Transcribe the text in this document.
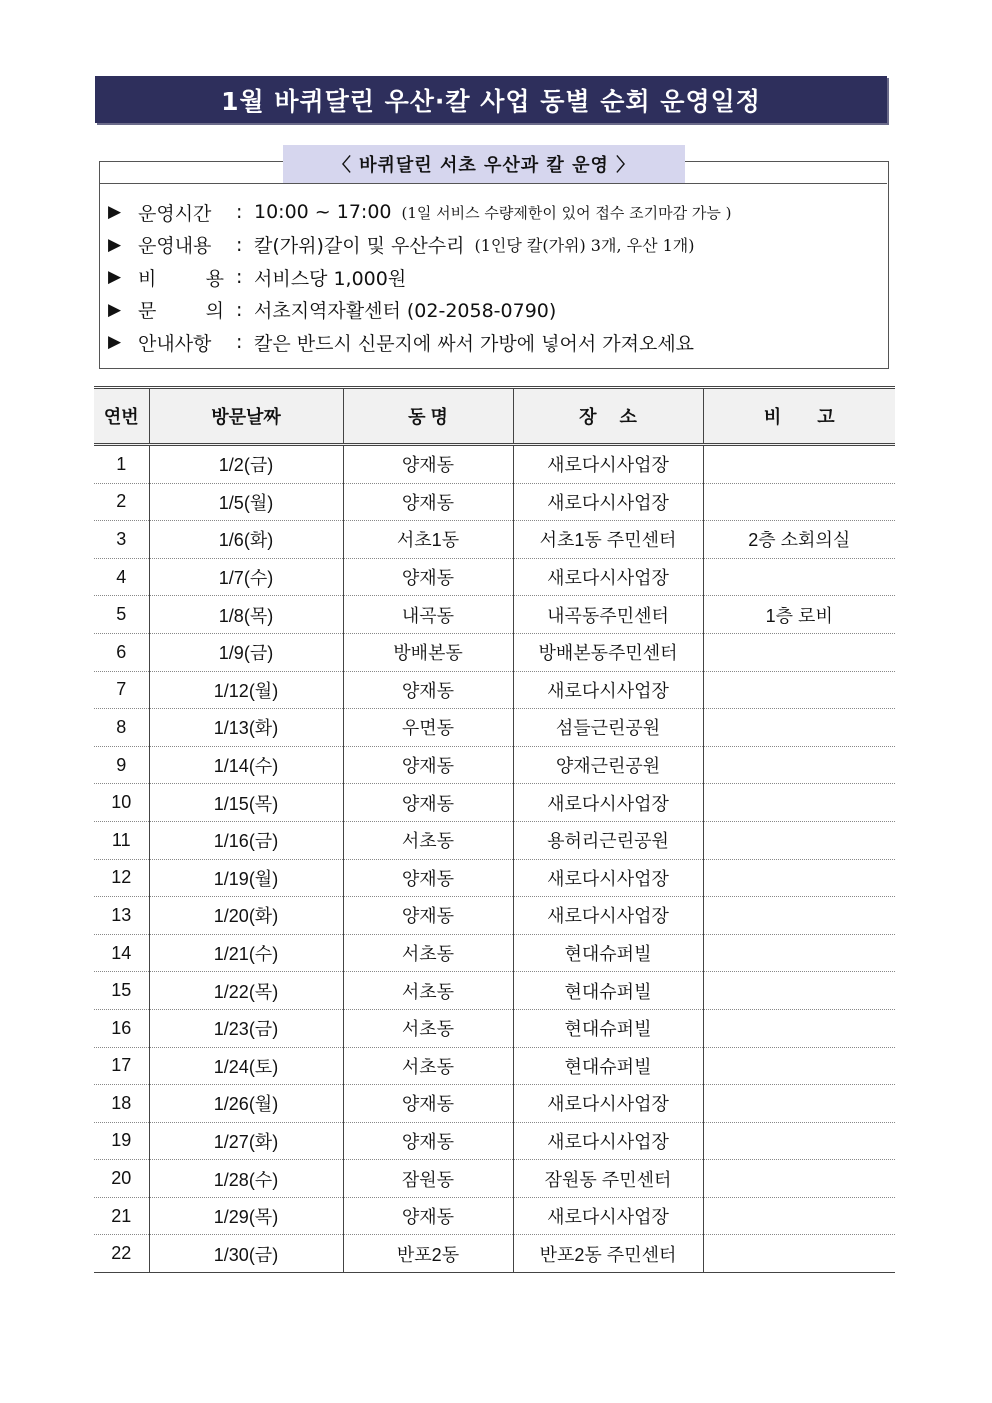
1월 바퀴달린 우산·칼 사업 동별 순회 운영일정
〈 바퀴달린 서초 우산과 칼 운영 〉
▶ 운영시간	: 10:00 ~ 17:00 (1일 서비스 수량제한이 있어 접수 조기마감 가능 )
▶ 운영내용	: 칼(가위)갈이 및 우산수리 (1인당 칼(가위) 3개, 우산 1개)
▶ 비	용 : 서비스당 1,000원
▶ 문	의 : 서초지역자활센터 (02-2058-0790)
▶ 안내사항	: 칼은 반드시 신문지에 싸서 가방에 넣어서 가져오세요
연번	방문날짜	동 명	장　 소	비　　고
1	1/2(금)	양재동	새로다시사업장	
2	1/5(월)	양재동	새로다시사업장	
3	1/6(화)	서초1동	서초1동 주민센터	2층 소회의실
4	1/7(수)	양재동	새로다시사업장	
5	1/8(목)	내곡동	내곡동주민센터	1층 로비
6	1/9(금)	방배본동	방배본동주민센터	
7	1/12(월)	양재동	새로다시사업장	
8	1/13(화)	우면동	섬들근린공원	
9	1/14(수)	양재동	양재근린공원	
10	1/15(목)	양재동	새로다시사업장	
11	1/16(금)	서초동	용허리근린공원	
12	1/19(월)	양재동	새로다시사업장	
13	1/20(화)	양재동	새로다시사업장	
14	1/21(수)	서초동	현대슈퍼빌	
15	1/22(목)	서초동	현대슈퍼빌	
16	1/23(금)	서초동	현대슈퍼빌	
17	1/24(토)	서초동	현대슈퍼빌	
18	1/26(월)	양재동	새로다시사업장	
19	1/27(화)	양재동	새로다시사업장	
20	1/28(수)	잠원동	잠원동 주민센터	
21	1/29(목)	양재동	새로다시사업장	
22	1/30(금)	반포2동	반포2동 주민센터	
